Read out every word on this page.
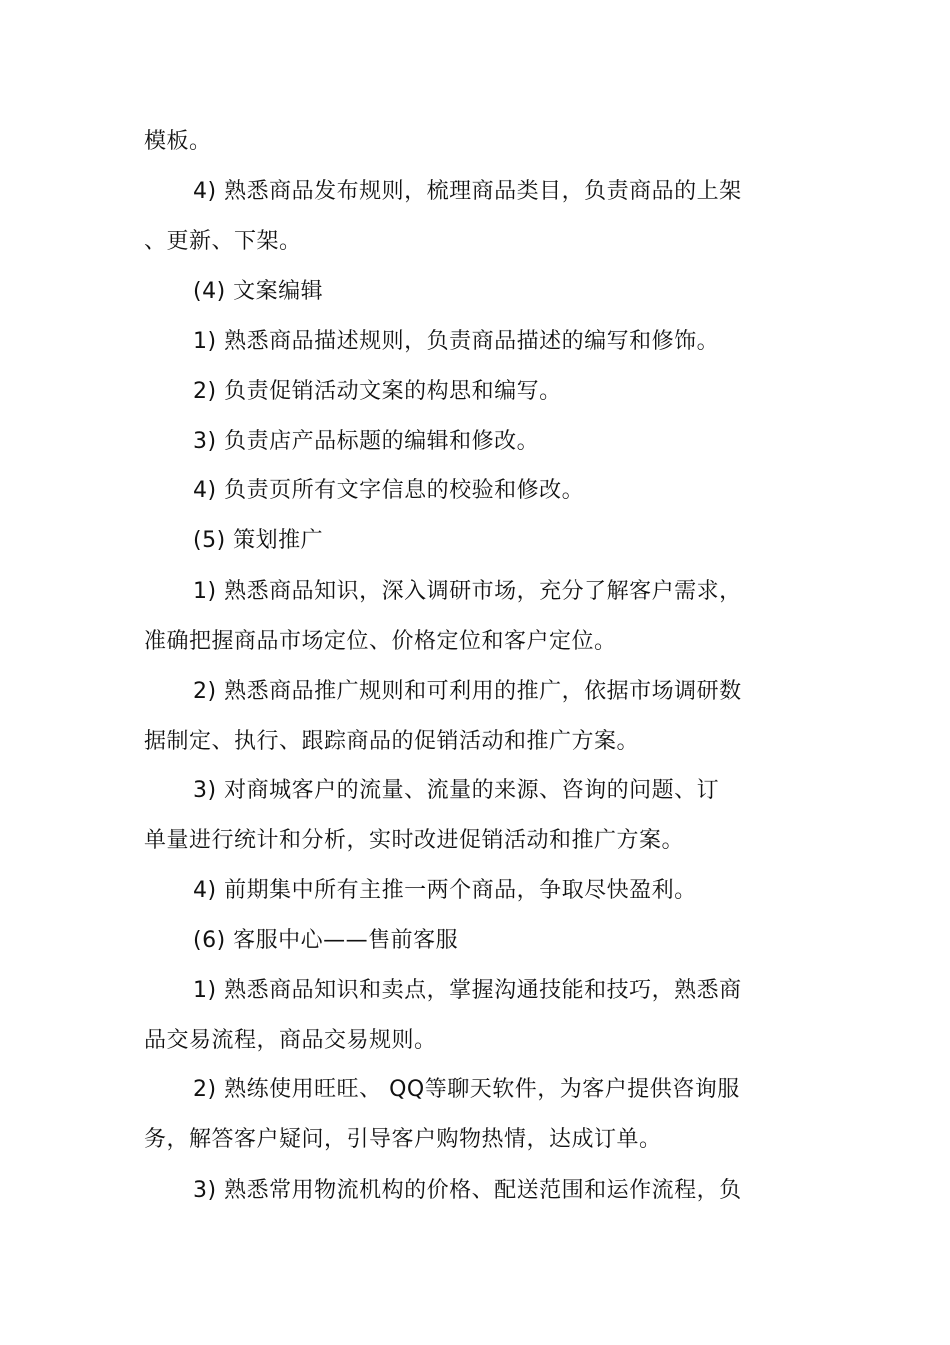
模板。

4) 熟悉商品发布规则，梳理商品类目，负责商品的上架

、更新、下架。

(4) 文案编辑

1) 熟悉商品描述规则，负责商品描述的编写和修饰。

2) 负责促销活动文案的构思和编写。

3) 负责店产品标题的编辑和修改。

4) 负责页所有文字信息的校验和修改。

(5) 策划推广

1) 熟悉商品知识，深入调研市场，充分了解客户需求，

准确把握商品市场定位、价格定位和客户定位。

2) 熟悉商品推广规则和可利用的推广，依据市场调研数

据制定、执行、跟踪商品的促销活动和推广方案。

3) 对商城客户的流量、流量的来源、咨询的问题、订

单量进行统计和分析，实时改进促销活动和推广方案。

4) 前期集中所有主推一两个商品，争取尽快盈利。

(6) 客服中心——售前客服

1) 熟悉商品知识和卖点，掌握沟通技能和技巧，熟悉商

品交易流程，商品交易规则。

2) 熟练使用旺旺、 QQ等聊天软件，为客户提供咨询服

务，解答客户疑问，引导客户购物热情，达成订单。

3) 熟悉常用物流机构的价格、配送范围和运作流程，负
